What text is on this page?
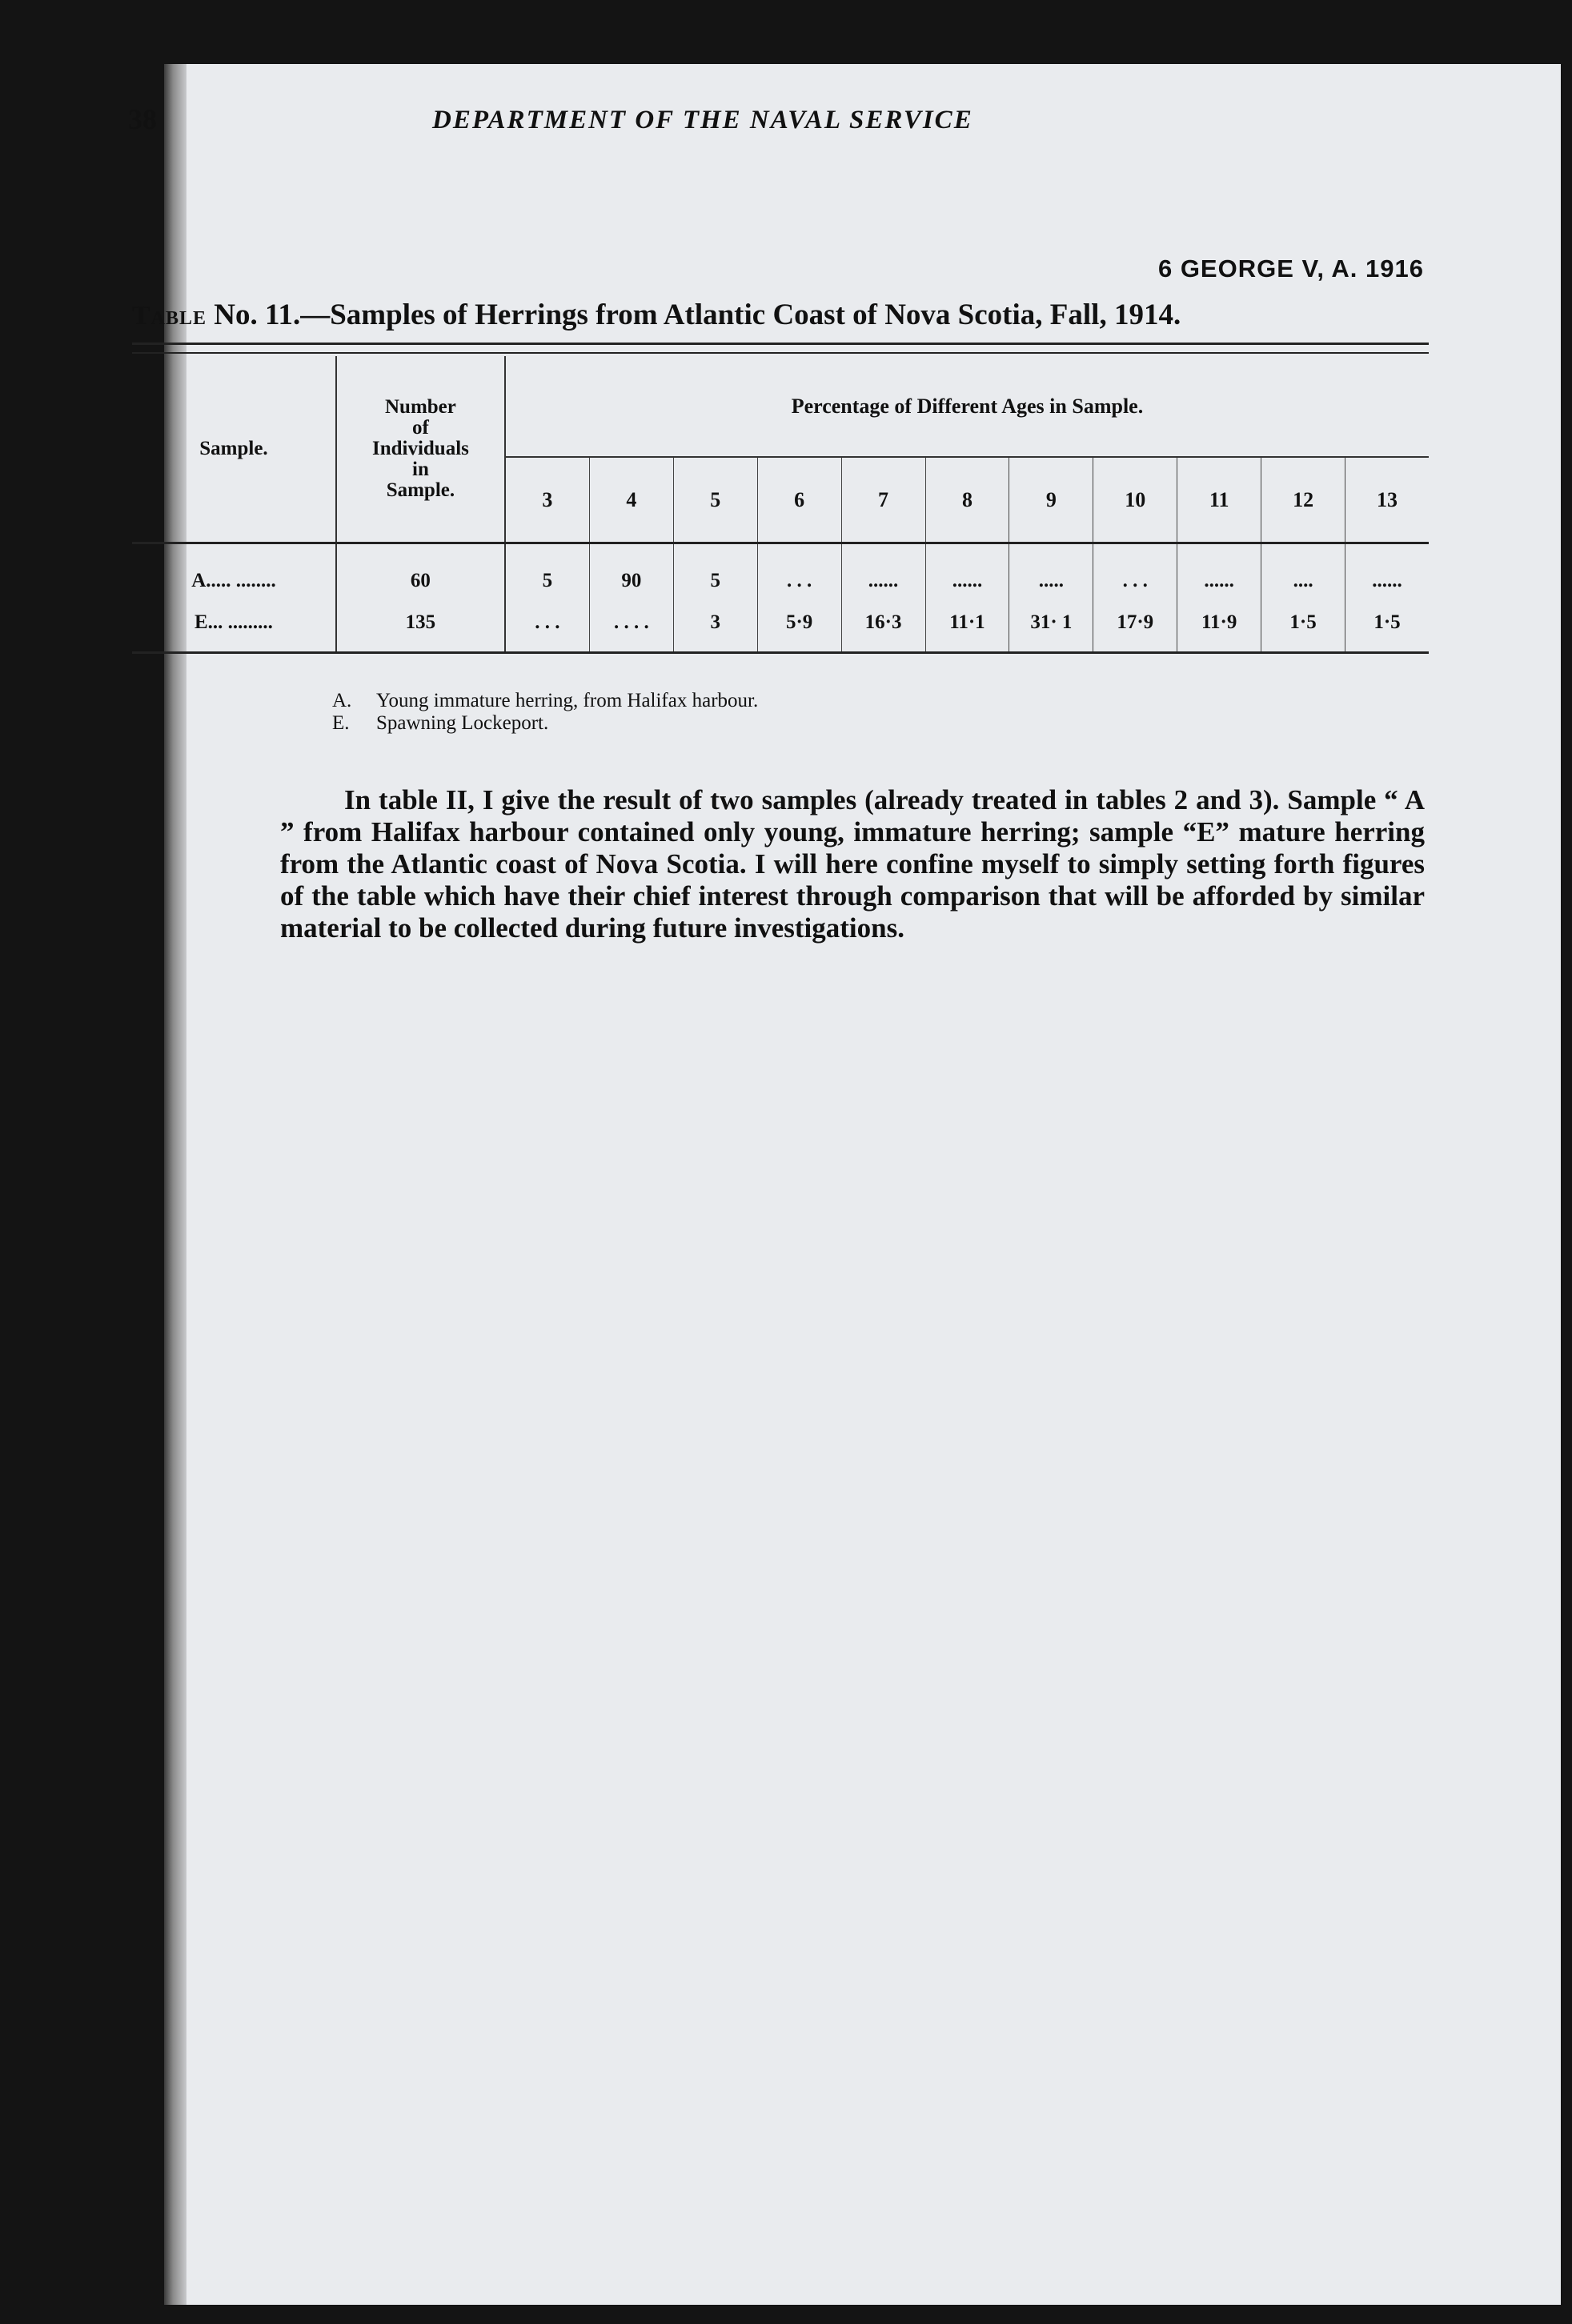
38	DEPARTMENT OF THE NAVAL SERVICE
6 GEORGE V, A. 1916
Table No. 11.—Samples of Herrings from Atlantic Coast of Nova Scotia, Fall, 1914.
Sample.	Number
of
Individuals
in
Sample.	Percentage of Different Ages in Sample.										
		3	4	5	6	7	8	9	10	11	12	13
A..... ........	60	5	90	5	. . .	......	......	.....	. . .	......	....	......
E... .........	135	. . .	. . . .	3	5·9	16·3	11·1	31· 1	17·9	11·9	1·5	1·5
A. Young immature herring, from Halifax harbour.
E. Spawning Lockeport.

In table II, I give the result of two samples (already treated in tables 2 and 3). Sample “ A ” from Halifax harbour contained only young, immature herring; sample “E” mature herring from the Atlantic coast of Nova Scotia. I will here confine myself to simply setting forth figures of the table which have their chief interest through comparison that will be afforded by similar material to be collected during future investigations.
